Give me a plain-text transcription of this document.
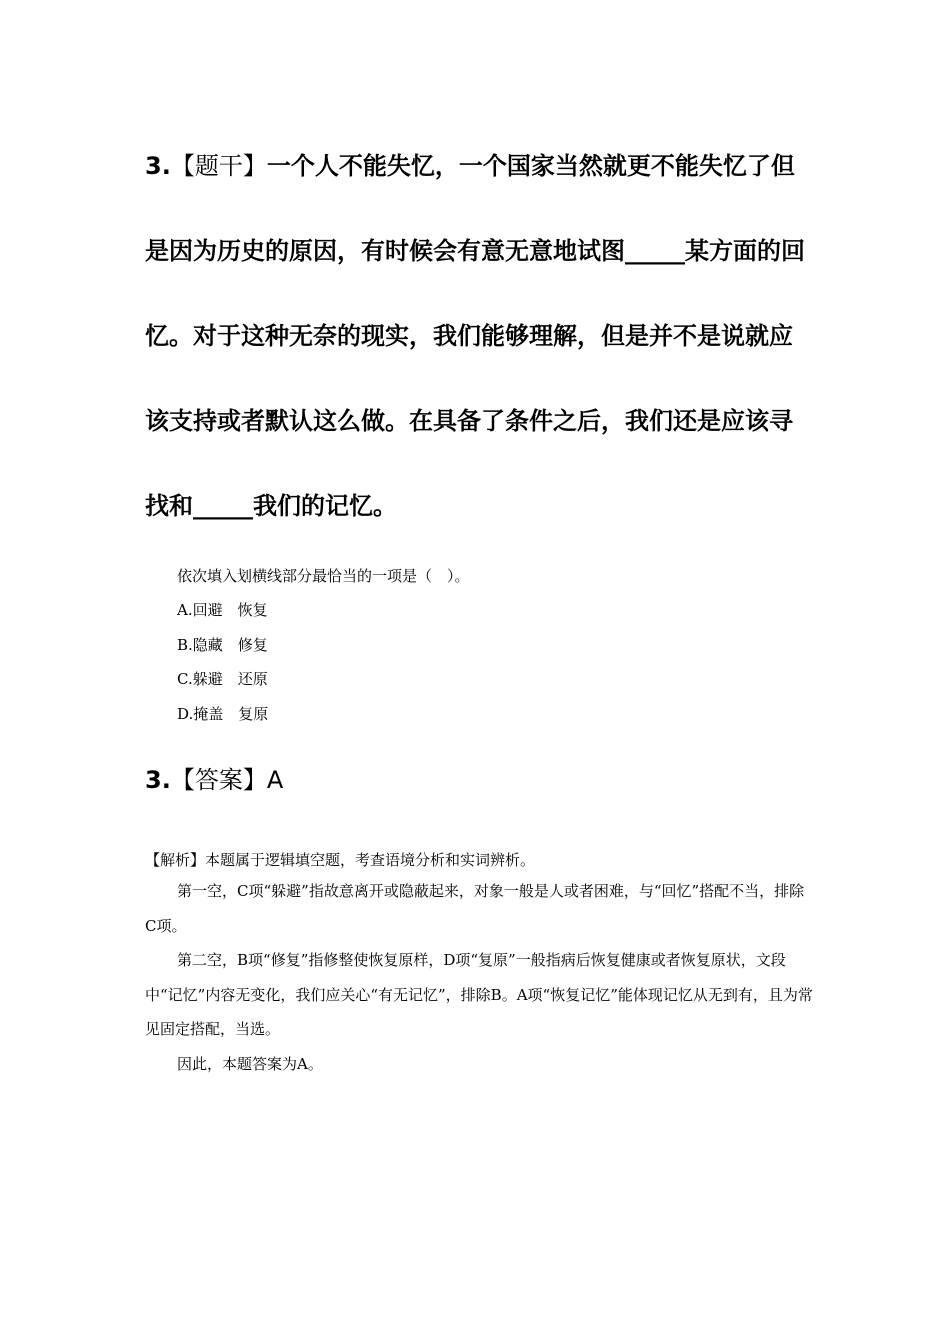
3.【题干】一个人不能失忆，一个国家当然就更不能失忆了但是因为历史的原因，有时候会有意无意地试图_____某方面的回忆。对于这种无奈的现实，我们能够理解，但是并不是说就应该支持或者默认这么做。在具备了条件之后，我们还是应该寻找和_____我们的记忆。

依次填入划横线部分最恰当的一项是（　）。

A.回避　恢复
B.隐藏　修复
C.躲避　还原
D.掩盖　复原

3.【答案】A

【解析】本题属于逻辑填空题，考查语境分析和实词辨析。

第一空，C项“躲避”指故意离开或隐蔽起来，对象一般是人或者困难，与“回忆”搭配不当，排除C项。

第二空，B项“修复”指修整使恢复原样，D项“复原”一般指病后恢复健康或者恢复原状，文段中“记忆”内容无变化，我们应关心“有无记忆”，排除B。A项“恢复记忆”能体现记忆从无到有，且为常见固定搭配，当选。

因此，本题答案为A。
